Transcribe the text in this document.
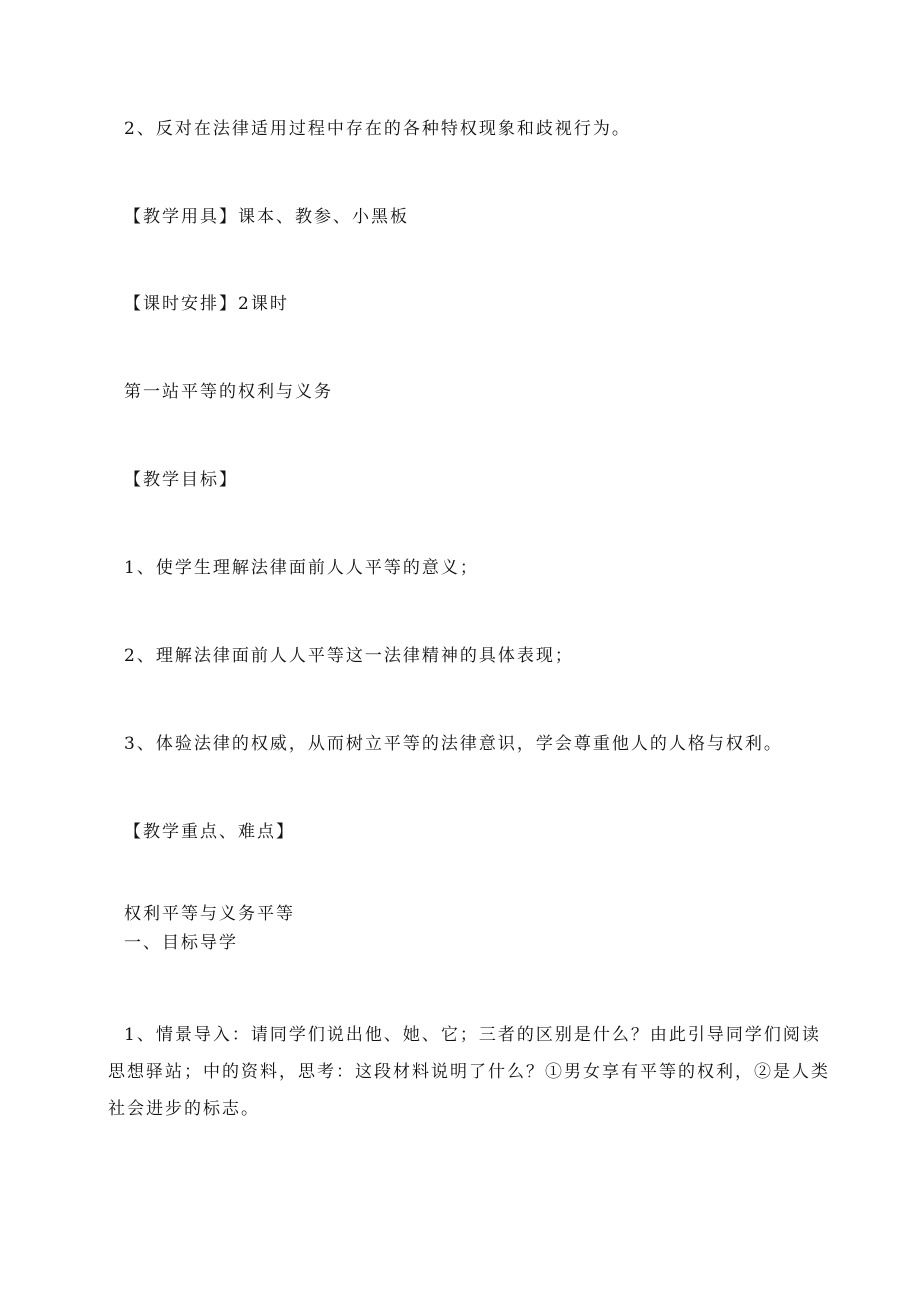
2、反对在法律适用过程中存在的各种特权现象和歧视行为。

【教学用具】课本、教参、小黑板

【课时安排】2课时

第一站平等的权利与义务

【教学目标】

1、使学生理解法律面前人人平等的意义；

2、理解法律面前人人平等这一法律精神的具体表现；

3、体验法律的权威，从而树立平等的法律意识，学会尊重他人的人格与权利。

【教学重点、难点】

权利平等与义务平等

一、目标导学

1、情景导入：请同学们说出他、她、它；三者的区别是什么？由此引导同学们阅读
思想驿站；中的资料，思考：这段材料说明了什么？①男女享有平等的权利，②是人类
社会进步的标志。
